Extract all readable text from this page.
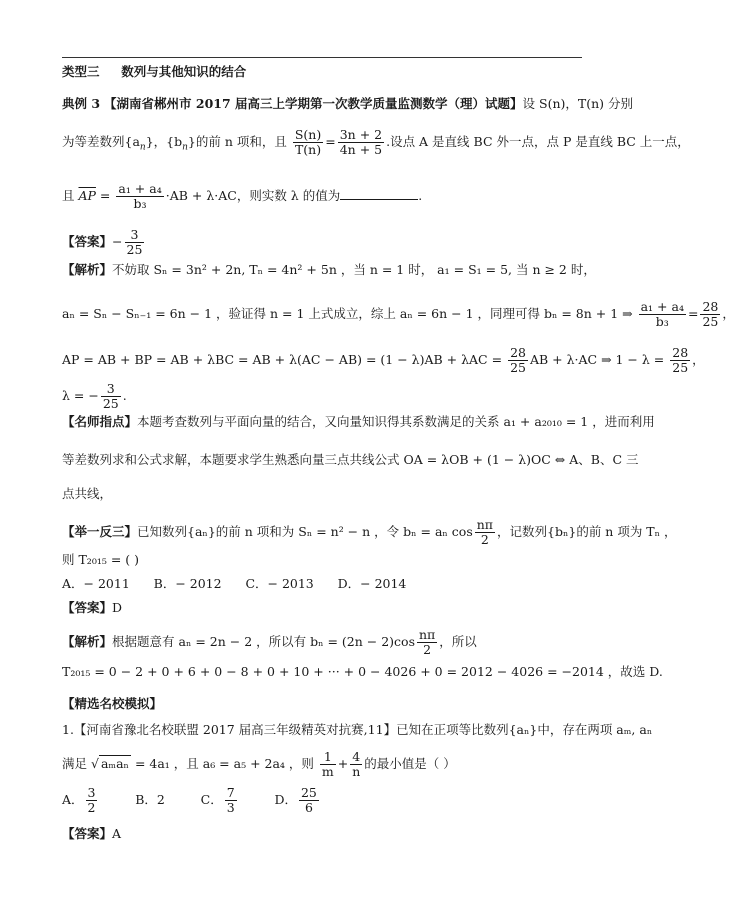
类型三 数列与其他知识的结合
典例 3 【湖南省郴州市 2017 届高三上学期第一次教学质量监测数学（理）试题】设 S(n)，T(n) 分别
为等差数列$\{a_n\}$，$\{b_n\}$的前 n 项和，且 $\frac{S(n)}{T(n)} = \frac{3n + 2}{4n + 5}$ .设点 A 是直线 BC 外一点，点 P 是直线 BC 上一点，
且 $\overline{AP} = \frac{\text{a₁ + a₄}}{\text{b₃}} \cdot AB + \lambda\cdot AC$，则实数 λ 的值为	.
【答案】− $\frac{3}{25}$
【解析】不妨取 Sₙ = 3n² + 2n, Tₙ = 4n² + 5n ，当 n = 1 时， a₁ = S₁ = 5, 当 n ≥ 2 时，
aₙ = Sₙ − Sₙ₋₁ = 6n − 1 ，验证得 n = 1 上式成立，综上 aₙ = 6n − 1 ，同理可得 bₙ = 8n + 1 ⇒ $\frac{\text{a₁ + a₄}}{\text{b₃}} = \frac{28}{25}$ ，
AP = AB + BP = AB + λBC = AB + $\lambda(AC - AB) = (1 - \lambda)AB + \lambda AC = \frac{28}{25}$ AB + λ·AC ⇒ $1 - \lambda = \frac{28}{25}$ ，
λ = − $\frac{3}{25}$ .
【名师指点】本题考查数列与平面向量的结合，又向量知识得其系数满足的关系 a₁ + a₂₀₁₀ = 1 ，进而利用
等差数列求和公式求解，本题要求学生熟悉向量三点共线公式 OA = λOB + (1 − λ)OC ⇔ A、B、C 三
点共线，
【举一反三】已知数列{aₙ}的前 n 项和为 Sₙ = n² − n ，令 bₙ = aₙ $\cos \frac{n\pi}{2}$ ，记数列{bₙ}的前 n 项为 Tₙ ，
则 T₂₀₁₅ = ( )
A．− 2011 B．− 2012 C．− 2013 D．− 2014
【答案】D
【解析】根据题意有 aₙ = 2n − 2 ，所以有 $b_n = (2n - 2)\cos \frac{n\pi}{2}$ ，所以
T₂₀₁₅ = 0 − 2 + 0 + 6 + 0 − 8 + 0 + 10 + ··· + 0 − 4026 + 0 = 2012 − 4026 = −2014 ，故选 D.
【精选名校模拟】
1.【河南省豫北名校联盟 2017 届高三年级精英对抗赛,11】已知在正项等比数列{aₙ}中，存在两项 aₘ, aₙ
满足 √ aₘaₙ = 4a₁ ，且 a₆ = a₅ + 2a₄ ，则 $\frac{1}{m} + \frac{4}{n}$ 的最小值是（ ）
A． $\frac{3}{2}$	B．2	C． $\frac{7}{3}$	D． $\frac{25}{6}$
【答案】A
